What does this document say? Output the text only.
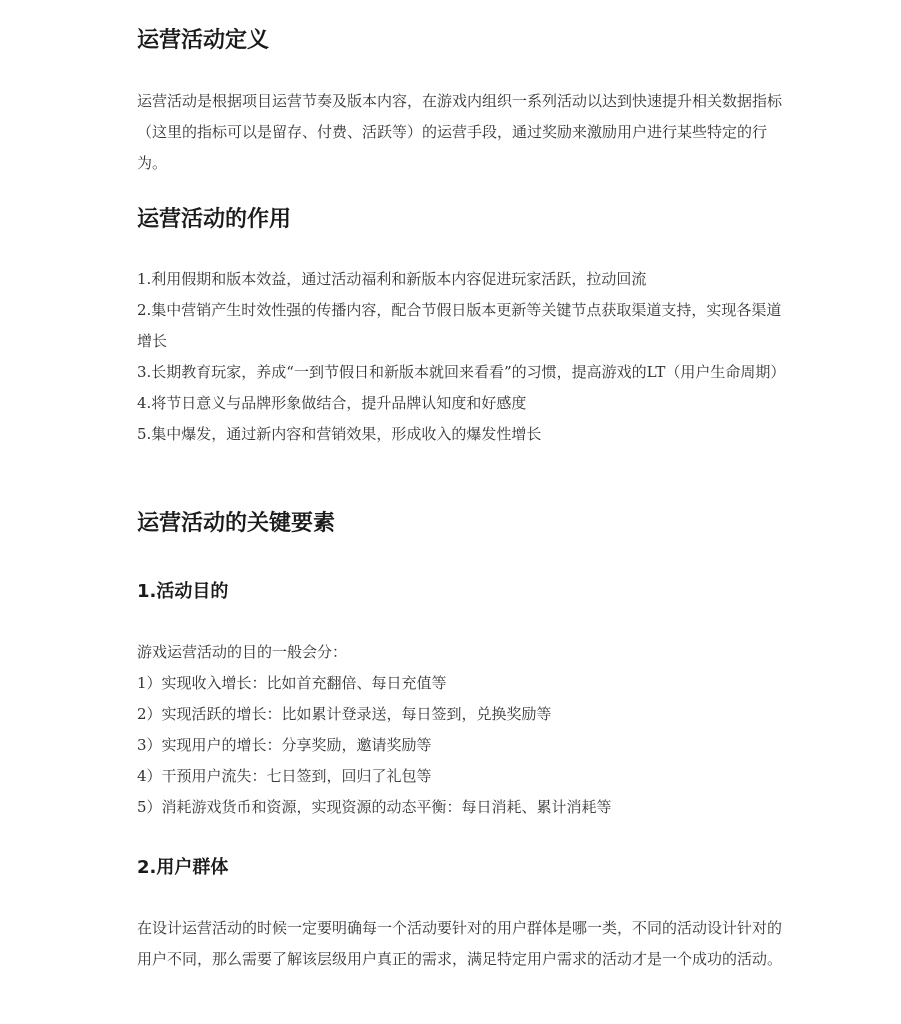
运营活动定义

运营活动是根据项目运营节奏及版本内容，在游戏内组织一系列活动以达到快速提升相关数据指标（这里的指标可以是留存、付费、活跃等）的运营手段，通过奖励来激励用户进行某些特定的行为。

运营活动的作用
1.利用假期和版本效益，通过活动福利和新版本内容促进玩家活跃，拉动回流
2.集中营销产生时效性强的传播内容，配合节假日版本更新等关键节点获取渠道支持，实现各渠道增长
3.长期教育玩家，养成“一到节假日和新版本就回来看看”的习惯，提高游戏的LT（用户生命周期）
4.将节日意义与品牌形象做结合，提升品牌认知度和好感度
5.集中爆发，通过新内容和营销效果，形成收入的爆发性增长
运营活动的关键要素
1.活动目的
游戏运营活动的目的一般会分：
1）实现收入增长：比如首充翻倍、每日充值等
2）实现活跃的增长：比如累计登录送，每日签到，兑换奖励等
3）实现用户的增长：分享奖励，邀请奖励等
4）干预用户流失：七日签到，回归了礼包等
5）消耗游戏货币和资源，实现资源的动态平衡：每日消耗、累计消耗等
2.用户群体

在设计运营活动的时候一定要明确每一个活动要针对的用户群体是哪一类，不同的活动设计针对的用户不同，那么需要了解该层级用户真正的需求，满足特定用户需求的活动才是一个成功的活动。
